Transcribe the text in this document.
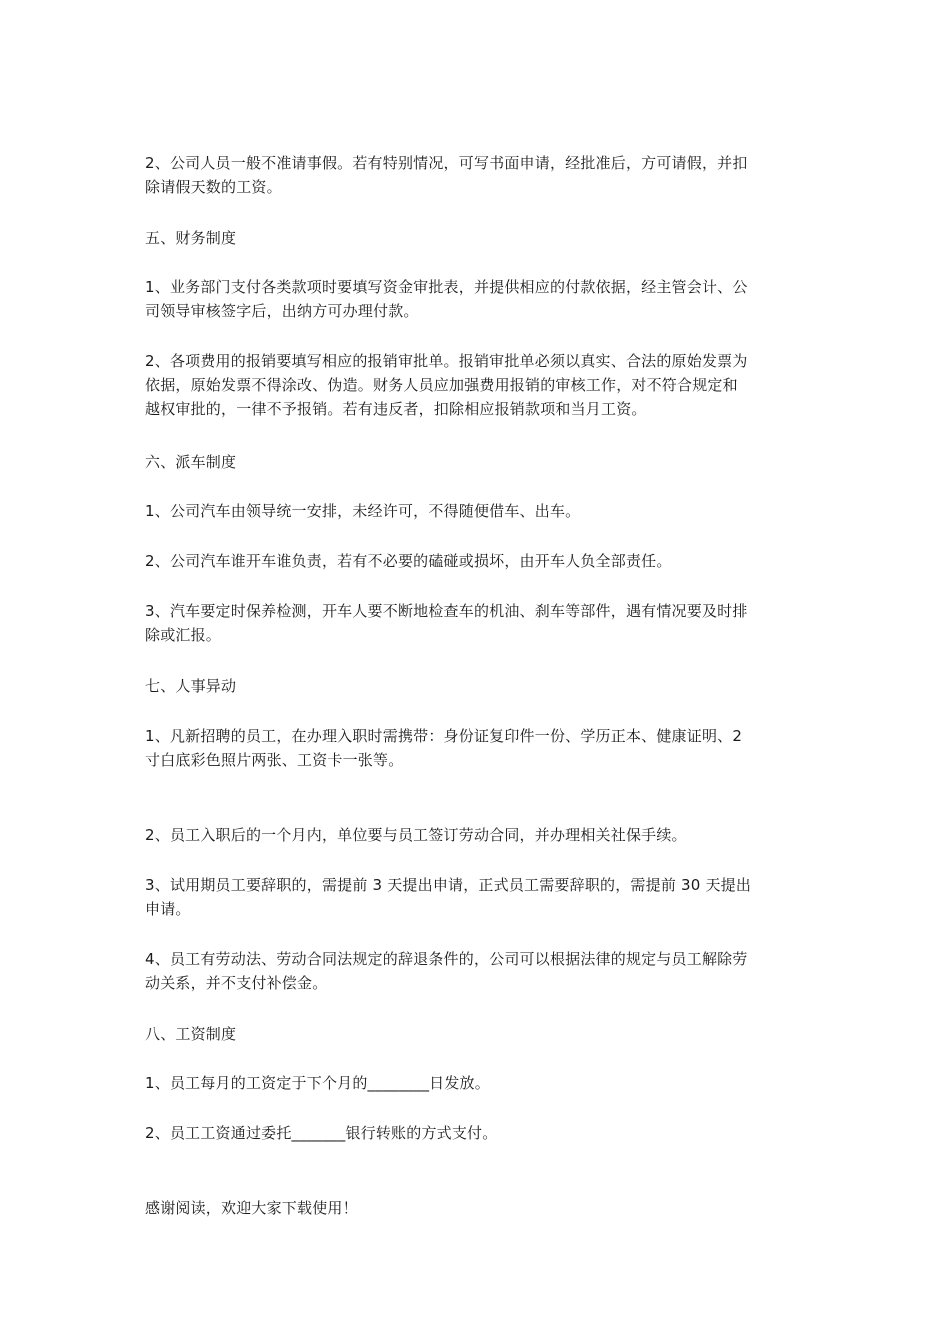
2、公司人员一般不准请事假。若有特别情况，可写书面申请，经批准后，方可请假，并扣
除请假天数的工资。

五、财务制度

1、业务部门支付各类款项时要填写资金审批表，并提供相应的付款依据，经主管会计、公
司领导审核签字后，出纳方可办理付款。

2、各项费用的报销要填写相应的报销审批单。报销审批单必须以真实、合法的原始发票为
依据，原始发票不得涂改、伪造。财务人员应加强费用报销的审核工作，对不符合规定和
越权审批的，一律不予报销。若有违反者，扣除相应报销款项和当月工资。

六、派车制度

1、公司汽车由领导统一安排，未经许可，不得随便借车、出车。

2、公司汽车谁开车谁负责，若有不必要的磕碰或损坏，由开车人负全部责任。

3、汽车要定时保养检测，开车人要不断地检查车的机油、刹车等部件，遇有情况要及时排
除或汇报。

七、人事异动

1、凡新招聘的员工，在办理入职时需携带：身份证复印件一份、学历正本、健康证明、2
寸白底彩色照片两张、工资卡一张等。

2、员工入职后的一个月内，单位要与员工签订劳动合同，并办理相关社保手续。

3、试用期员工要辞职的，需提前 3 天提出申请，正式员工需要辞职的，需提前 30 天提出
申请。

4、员工有劳动法、劳动合同法规定的辞退条件的，公司可以根据法律的规定与员工解除劳
动关系，并不支付补偿金。

八、工资制度

1、员工每月的工资定于下个月的________日发放。

2、员工工资通过委托_______银行转账的方式支付。

感谢阅读，欢迎大家下载使用！
